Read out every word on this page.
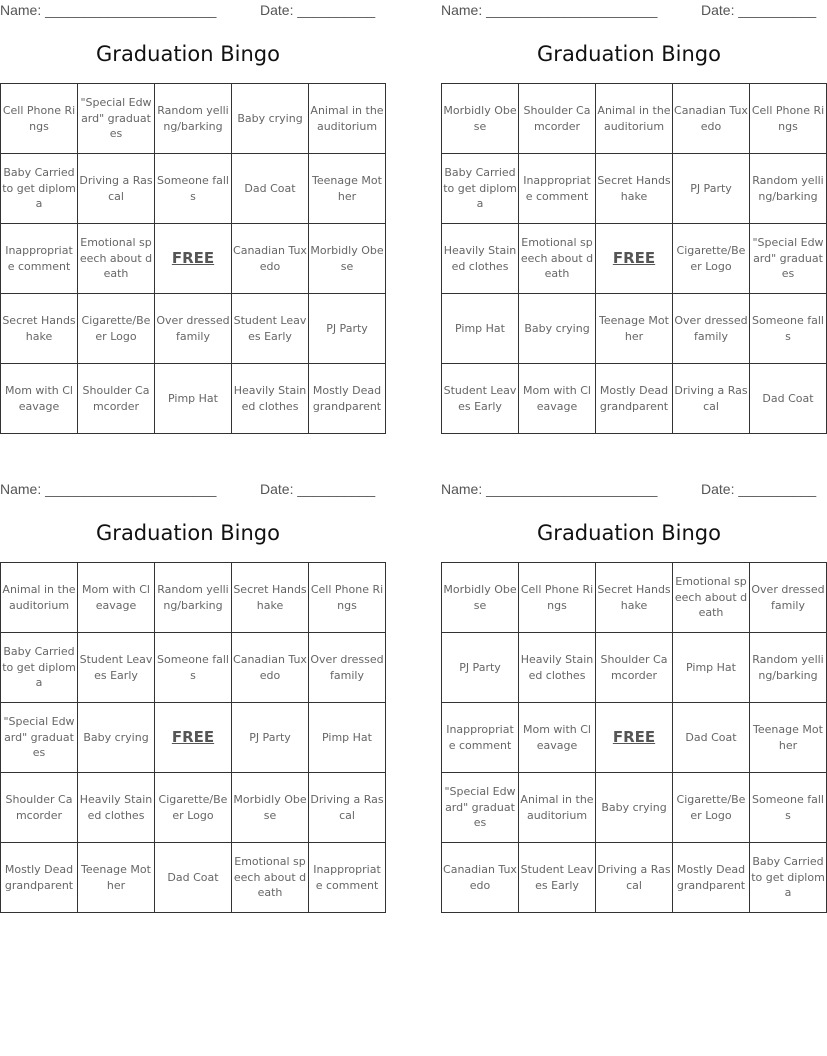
Name: ______________________	Date: __________
Graduation Bingo
Cell Phone Rings	"Special Edward" graduates	Random yelling/barking	Baby crying	Animal in the auditorium
Baby Carried to get diploma	Driving a Rascal	Someone falls	Dad Coat	Teenage Mother
Inappropriate comment	Emotional speech about death	FREE	Canadian Tuxedo	Morbidly Obese
Secret Handshake	Cigarette/Beer Logo	Over dressed family	Student Leaves Early	PJ Party
Mom with Cleavage	Shoulder Camcorder	Pimp Hat	Heavily Stained clothes	Mostly Dead grandparent
Name: ______________________	Date: __________
Graduation Bingo
Morbidly Obese	Shoulder Camcorder	Animal in the auditorium	Canadian Tuxedo	Cell Phone Rings
Baby Carried to get diploma	Inappropriate comment	Secret Handshake	PJ Party	Random yelling/barking
Heavily Stained clothes	Emotional speech about death	FREE	Cigarette/Beer Logo	"Special Edward" graduates
Pimp Hat	Baby crying	Teenage Mother	Over dressed family	Someone falls
Student Leaves Early	Mom with Cleavage	Mostly Dead grandparent	Driving a Rascal	Dad Coat
Name: ______________________	Date: __________
Graduation Bingo
Animal in the auditorium	Mom with Cleavage	Random yelling/barking	Secret Handshake	Cell Phone Rings
Baby Carried to get diploma	Student Leaves Early	Someone falls	Canadian Tuxedo	Over dressed family
"Special Edward" graduates	Baby crying	FREE	PJ Party	Pimp Hat
Shoulder Camcorder	Heavily Stained clothes	Cigarette/Beer Logo	Morbidly Obese	Driving a Rascal
Mostly Dead grandparent	Teenage Mother	Dad Coat	Emotional speech about death	Inappropriate comment
Name: ______________________	Date: __________
Graduation Bingo
Morbidly Obese	Cell Phone Rings	Secret Handshake	Emotional speech about death	Over dressed family
PJ Party	Heavily Stained clothes	Shoulder Camcorder	Pimp Hat	Random yelling/barking
Inappropriate comment	Mom with Cleavage	FREE	Dad Coat	Teenage Mother
"Special Edward" graduates	Animal in the auditorium	Baby crying	Cigarette/Beer Logo	Someone falls
Canadian Tuxedo	Student Leaves Early	Driving a Rascal	Mostly Dead grandparent	Baby Carried to get diploma
